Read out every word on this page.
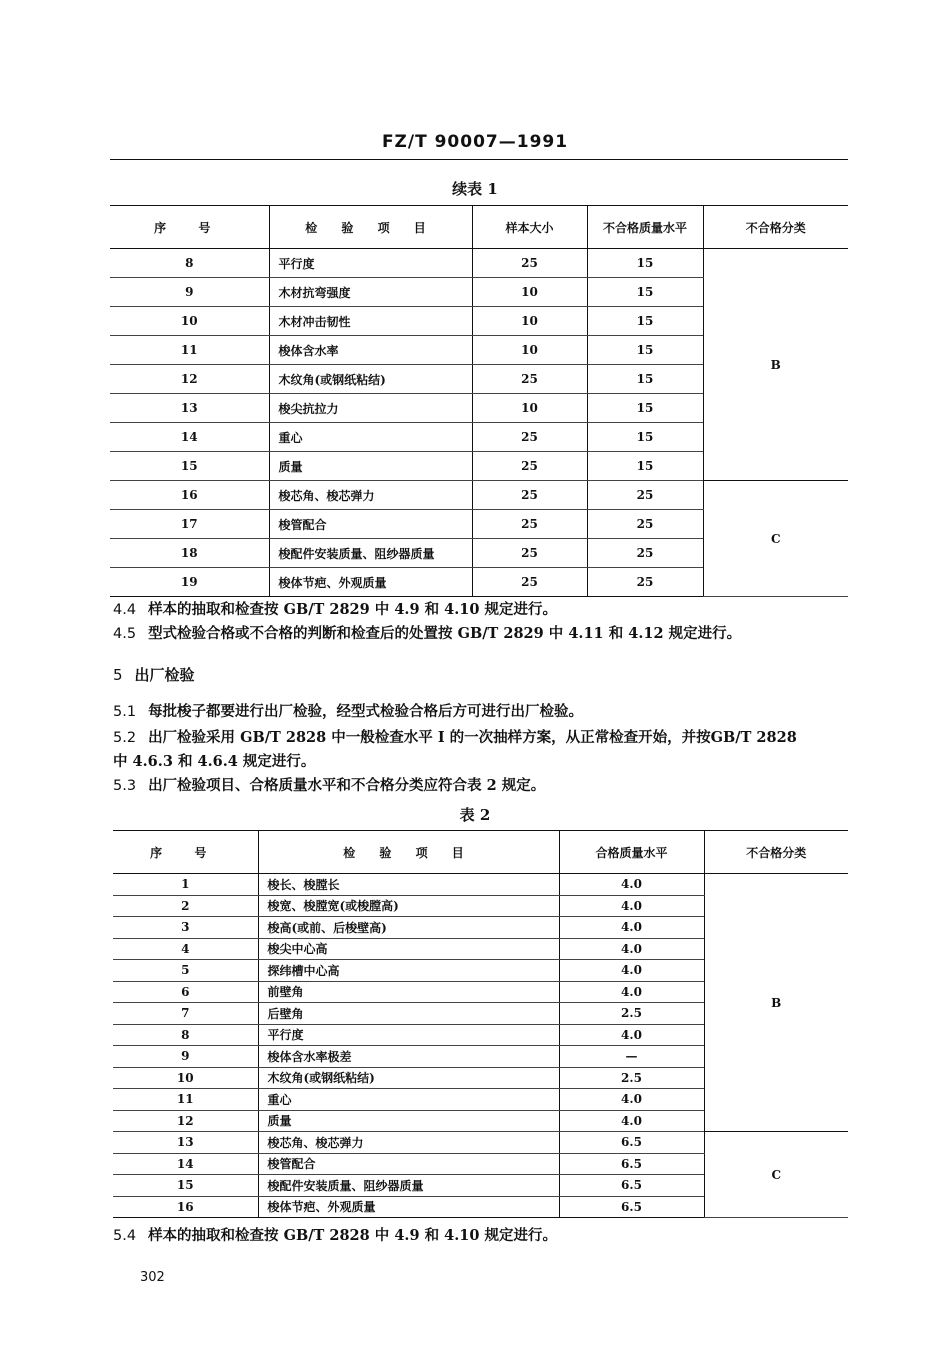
FZ/T 90007—1991
续表 1
序 号	检 验 项 目	样本大小	不合格质量水平	不合格分类
8	平行度	25	15	B
9	木材抗弯强度	10	15	
10	木材冲击韧性	10	15	
11	梭体含水率	10	15	
12	木纹角(或钢纸粘结)	25	15	
13	梭尖抗拉力	10	15	
14	重心	25	15	
15	质量	25	15	
16	梭芯角、梭芯弹力	25	25	C
17	梭管配合	25	25	
18	梭配件安装质量、阻纱器质量	25	25	
19	梭体节疤、外观质量	25	25	
4.4 样本的抽取和检查按 GB/T 2829 中 4.9 和 4.10 规定进行。
4.5 型式检验合格或不合格的判断和检查后的处置按 GB/T 2829 中 4.11 和 4.12 规定进行。
5 出厂检验
5.1 每批梭子都要进行出厂检验，经型式检验合格后方可进行出厂检验。
5.2 出厂检验采用 GB/T 2828 中一般检查水平 I 的一次抽样方案，从正常检查开始，并按GB/T 2828
中 4.6.3 和 4.6.4 规定进行。
5.3 出厂检验项目、合格质量水平和不合格分类应符合表 2 规定。
表 2
序 号	检 验 项 目	合格质量水平	不合格分类
1	梭长、梭膛长	4.0	B
2	梭宽、梭膛宽(或梭膛高)	4.0	
3	梭高(或前、后梭壁高)	4.0	
4	梭尖中心高	4.0	
5	探纬槽中心高	4.0	
6	前壁角	4.0	
7	后壁角	2.5	
8	平行度	4.0	
9	梭体含水率极差	—	
10	木纹角(或钢纸粘结)	2.5	
11	重心	4.0	
12	质量	4.0	
13	梭芯角、梭芯弹力	6.5	C
14	梭管配合	6.5	
15	梭配件安装质量、阻纱器质量	6.5	
16	梭体节疤、外观质量	6.5	
5.4 样本的抽取和检查按 GB/T 2828 中 4.9 和 4.10 规定进行。
302
